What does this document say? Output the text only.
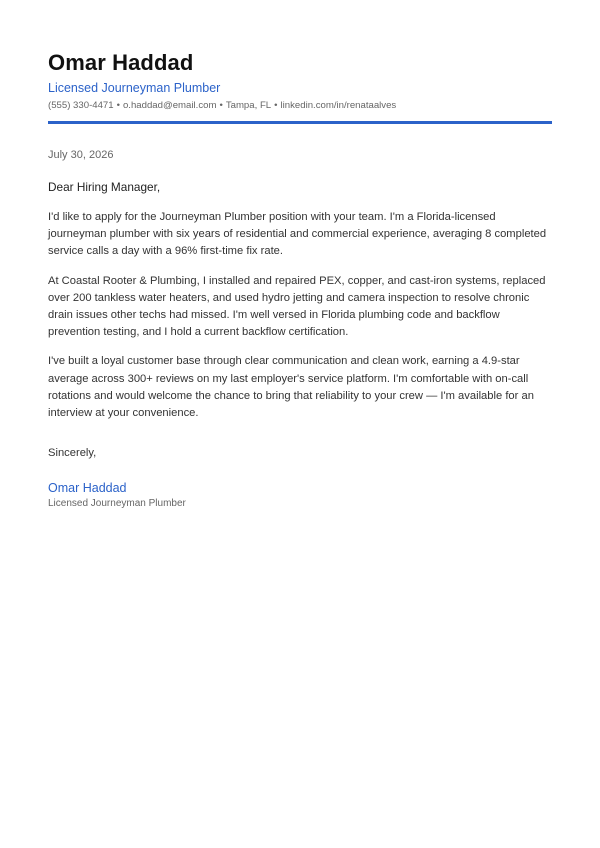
Omar Haddad
Licensed Journeyman Plumber
(555) 330-4471 • o.haddad@email.com • Tampa, FL • linkedin.com/in/renataalves
July 30, 2026
Dear Hiring Manager,

I'd like to apply for the Journeyman Plumber position with your team. I'm a Florida-licensed journeyman plumber with six years of residential and commercial experience, averaging 8 completed service calls a day with a 96% first-time fix rate.

At Coastal Rooter & Plumbing, I installed and repaired PEX, copper, and cast-iron systems, replaced over 200 tankless water heaters, and used hydro jetting and camera inspection to resolve chronic drain issues other techs had missed. I'm well versed in Florida plumbing code and backflow prevention testing, and I hold a current backflow certification.

I've built a loyal customer base through clear communication and clean work, earning a 4.9-star average across 300+ reviews on my last employer's service platform. I'm comfortable with on-call rotations and would welcome the chance to bring that reliability to your crew — I'm available for an interview at your convenience.

Sincerely,
Omar Haddad
Licensed Journeyman Plumber
